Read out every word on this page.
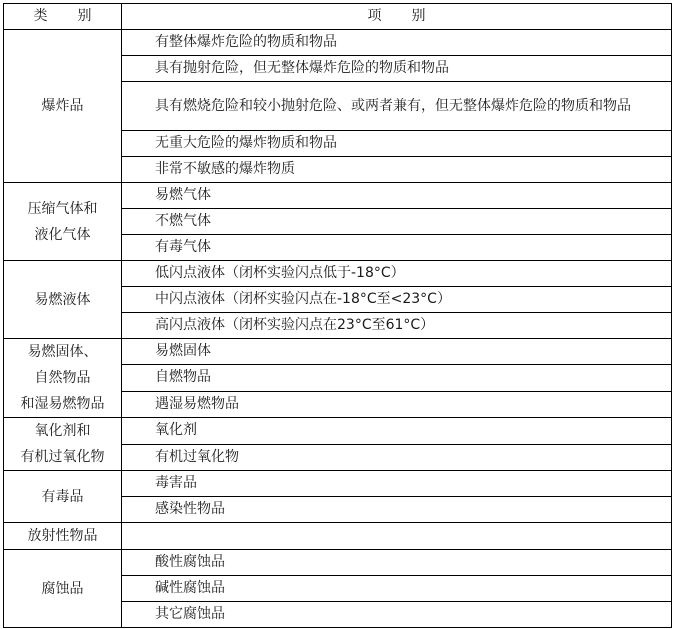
类 别	项 别

爆炸品	有整体爆炸危险的物质和物品
	具有抛射危险，但无整体爆炸危险的物质和物品
	具有燃烧危险和较小抛射危险、或两者兼有，但无整体爆炸危险的物质和物品
	无重大危险的爆炸物质和物品
	非常不敏感的爆炸物质

压缩气体和
液化气体	易燃气体
	不燃气体
	有毒气体

易燃液体	低闪点液体（闭杯实验闪点低于-18°C）
	中闪点液体（闭杯实验闪点在-18°C至<23°C）
	高闪点液体（闭杯实验闪点在23°C至61°C）

易燃固体、
自然物品
和湿易燃物品	易燃固体
	自燃物品
	遇湿易燃物品

氧化剂和
有机过氧化物	氧化剂
	有机过氧化物

有毒品	毒害品
	感染性物品

放射性物品	

腐蚀品	酸性腐蚀品
	碱性腐蚀品
	其它腐蚀品
